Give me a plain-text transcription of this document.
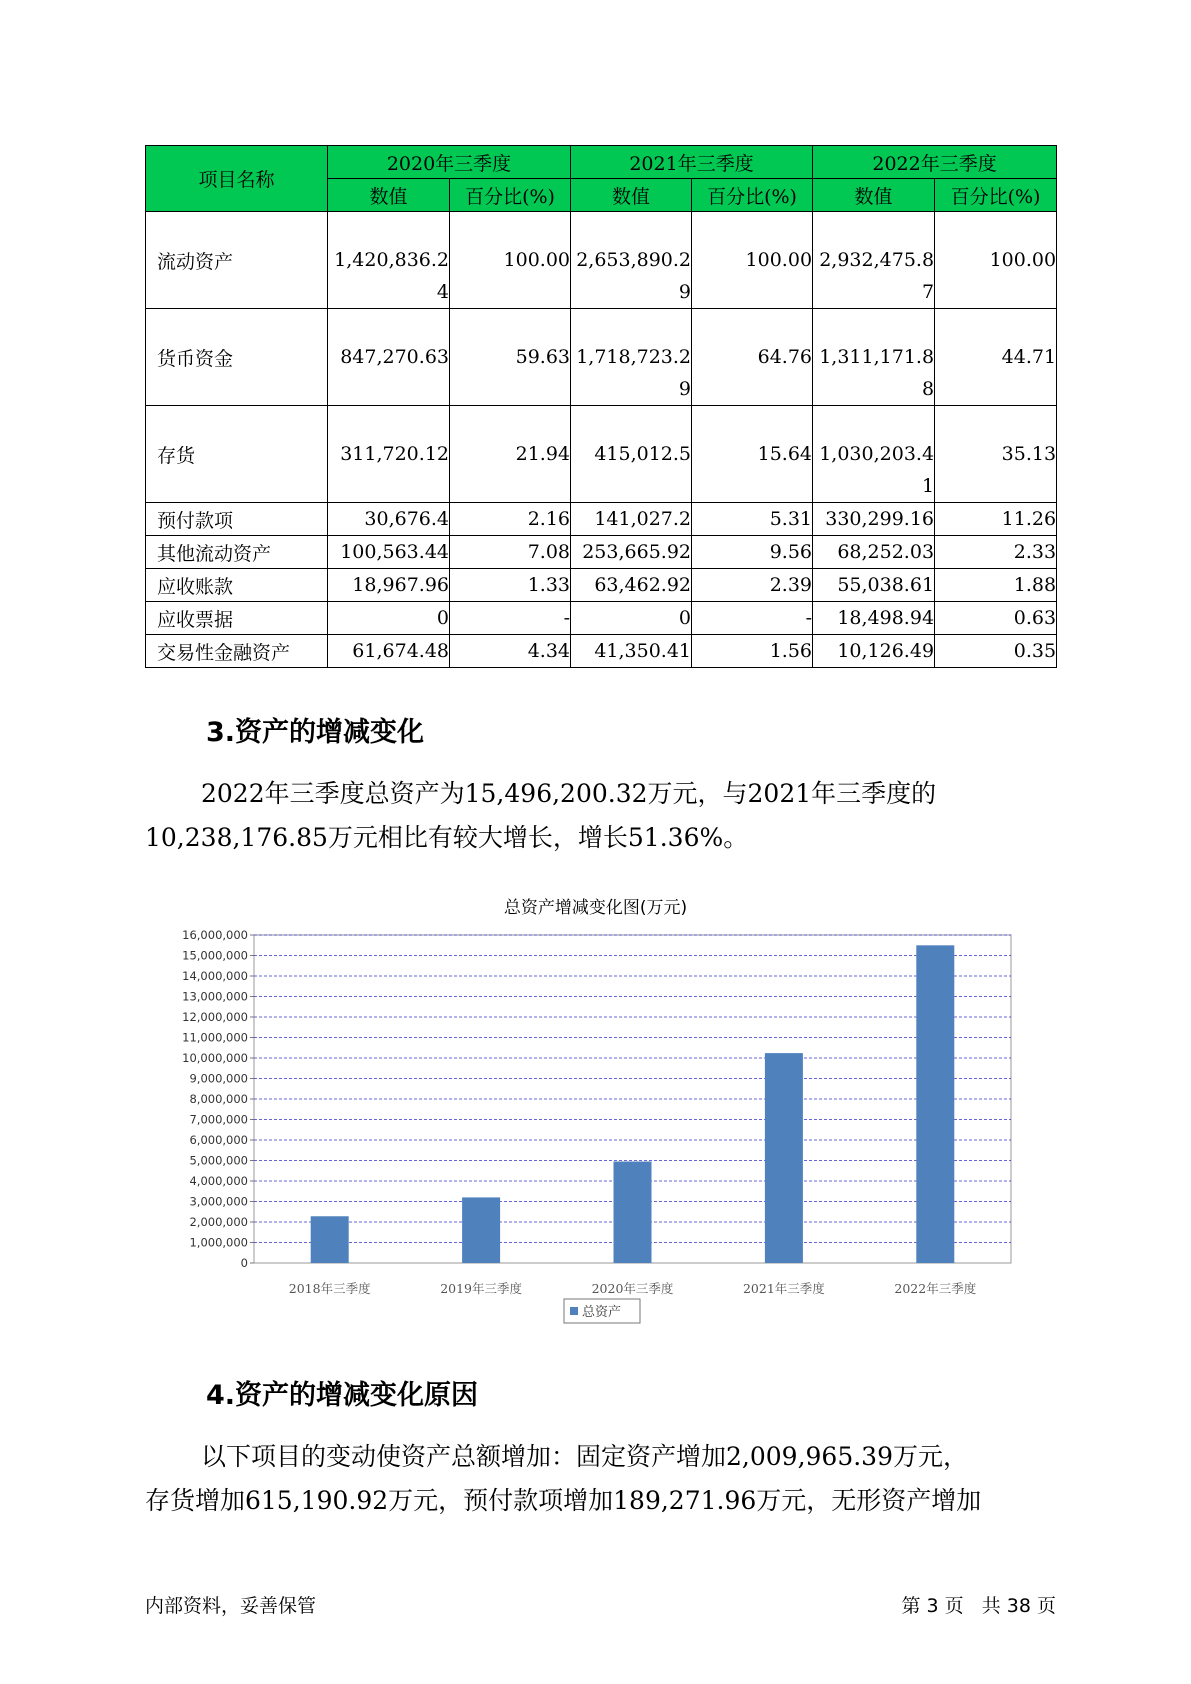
项目名称	2020年三季度		2021年三季度		2022年三季度	
	数值	百分比(%)	数值	百分比(%)	数值	百分比(%)
流动资产	1,420,836.24	100.00	2,653,890.29	100.00	2,932,475.87	100.00
货币资金	847,270.63	59.63	1,718,723.29	64.76	1,311,171.88	44.71
存货	311,720.12	21.94	415,012.5	15.64	1,030,203.41	35.13
预付款项	30,676.4	2.16	141,027.2	5.31	330,299.16	11.26
其他流动资产	100,563.44	7.08	253,665.92	9.56	68,252.03	2.33
应收账款	18,967.96	1.33	63,462.92	2.39	55,038.61	1.88
应收票据	0	-	0	-	18,498.94	0.63
交易性金融资产	61,674.48	4.34	41,350.41	1.56	10,126.49	0.35
3.资产的增减变化
2022年三季度总资产为15,496,200.32万元，与2021年三季度的
10,238,176.85万元相比有较大增长，增长51.36%。
总资产增减变化图(万元)
0
1,000,000
2,000,000
3,000,000
4,000,000
5,000,000
6,000,000
7,000,000
8,000,000
9,000,000
10,000,000
11,000,000
12,000,000
13,000,000
14,000,000
15,000,000
16,000,000
2018年三季度	2019年三季度	2020年三季度	2021年三季度	2022年三季度
总资产
4.资产的增减变化原因
以下项目的变动使资产总额增加：固定资产增加2,009,965.39万元，
存货增加615,190.92万元，预付款项增加189,271.96万元，无形资产增加
内部资料，妥善保管	第 3 页   共 38 页
